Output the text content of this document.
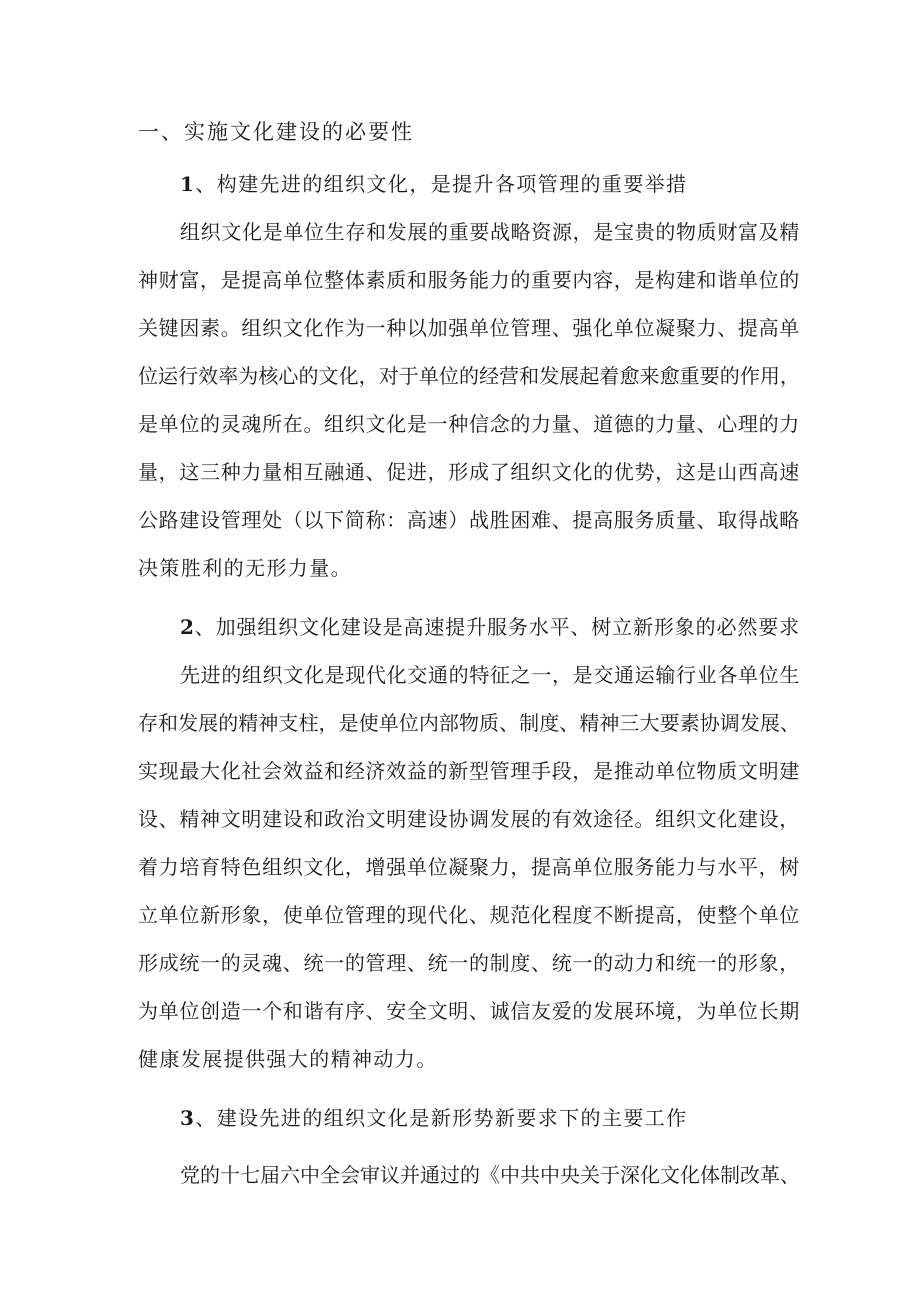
一、实施文化建设的必要性
1、构建先进的组织文化，是提升各项管理的重要举措
组织文化是单位生存和发展的重要战略资源，是宝贵的物质财富及精
神财富，是提高单位整体素质和服务能力的重要内容，是构建和谐单位的
关键因素。组织文化作为一种以加强单位管理、强化单位凝聚力、提高单
位运行效率为核心的文化，对于单位的经营和发展起着愈来愈重要的作用，
是单位的灵魂所在。组织文化是一种信念的力量、道德的力量、心理的力
量，这三种力量相互融通、促进，形成了组织文化的优势，这是山西高速
公路建设管理处（以下简称：高速）战胜困难、提高服务质量、取得战略
决策胜利的无形力量。
2、加强组织文化建设是高速提升服务水平、树立新形象的必然要求
先进的组织文化是现代化交通的特征之一，是交通运输行业各单位生
存和发展的精神支柱，是使单位内部物质、制度、精神三大要素协调发展、
实现最大化社会效益和经济效益的新型管理手段，是推动单位物质文明建
设、精神文明建设和政治文明建设协调发展的有效途径。组织文化建设，
着力培育特色组织文化，增强单位凝聚力，提高单位服务能力与水平，树
立单位新形象，使单位管理的现代化、规范化程度不断提高，使整个单位
形成统一的灵魂、统一的管理、统一的制度、统一的动力和统一的形象，
为单位创造一个和谐有序、安全文明、诚信友爱的发展环境，为单位长期
健康发展提供强大的精神动力。
3、建设先进的组织文化是新形势新要求下的主要工作
党的十七届六中全会审议并通过的《中共中央关于深化文化体制改革、
